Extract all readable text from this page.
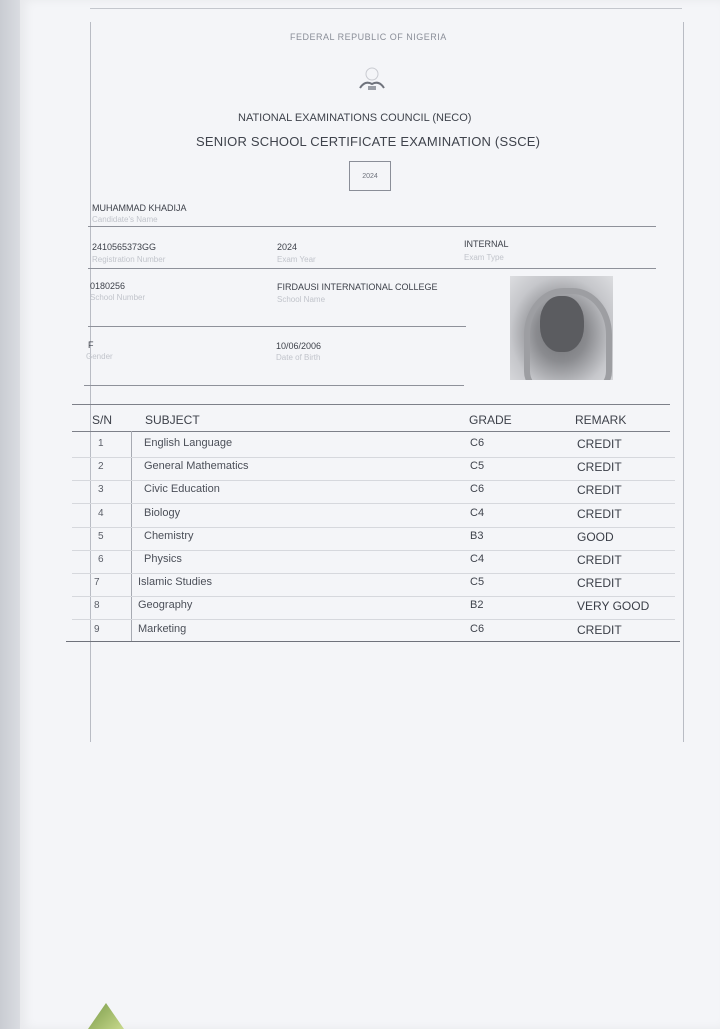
FEDERAL REPUBLIC OF NIGERIA
NATIONAL EXAMINATIONS COUNCIL (NECO)
SENIOR SCHOOL CERTIFICATE EXAMINATION (SSCE)
2024
MUHAMMAD KHADIJA
Candidate's Name
2410565373GG
Registration Number
2024
Exam Year
INTERNAL
Exam Type
0180256
School Number
FIRDAUSI INTERNATIONAL COLLEGE
School Name
F
Gender
10/06/2006
Date of Birth
S/N	SUBJECT	GRADE	REMARK
1	English Language	C6	CREDIT
2	General Mathematics	C5	CREDIT
3	Civic Education	C6	CREDIT
4	Biology	C4	CREDIT
5	Chemistry	B3	GOOD
6	Physics	C4	CREDIT
7	Islamic Studies	C5	CREDIT
8	Geography	B2	VERY GOOD
9	Marketing	C6	CREDIT
